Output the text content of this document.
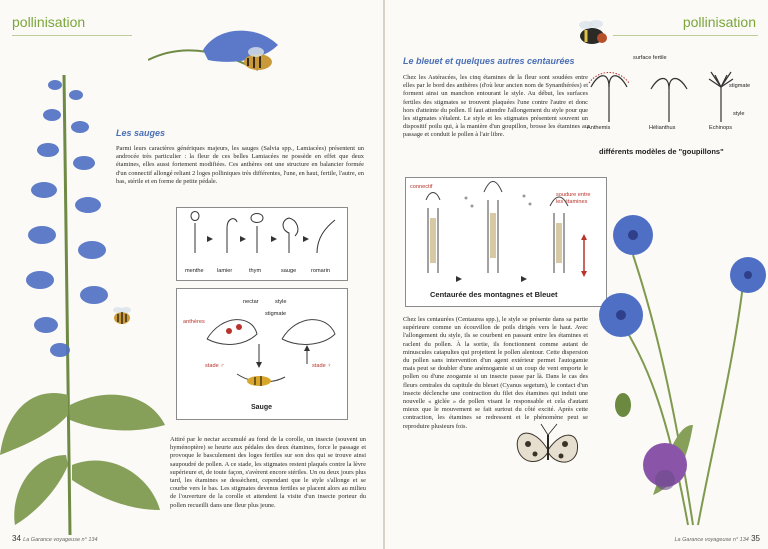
pollinisation
Les sauges

Parmi leurs caractères génériques majeurs, les sauges (Salvia spp., Lamiacées) présentent un androcée très particulier : la fleur de ces belles Lamiacées ne possède en effet que deux étamines, elles aussi fortement modifiées. Ces anthères ont une structure en balancier formée d'un connectif allongé reliant 2 loges polliniques très différentes, l'une, en haut, fertile, l'autre, en bas, stérile et en forme de petite pédale.

menthe lamier	thym	sauge	romarin
nectar	style
stigmate
anthères
stade ♂	stade ♀
Sauge

Attiré par le nectar accumulé au fond de la corolle, un insecte (souvent un hyménoptère) se heurte aux pédales des deux étamines, force le passage et provoque le basculement des loges fertiles sur son dos qui se trouve ainsi saupoudré de pollen. A ce stade, les stigmates restent plaqués contre la lèvre supérieure et, de toute façon, s'avèrent encore stériles. Un ou deux jours plus tard, les étamines se dessèchent, cependant que le style s'allonge et se courbe vers le bas. Les stigmates devenus fertiles se placent alors au milieu de l'ouverture de la corolle et attendent la visite d'un insecte porteur du pollen recueilli dans une fleur plus jeune.

34 La Garance voyageuse n° 134
pollinisation
Le bleuet et quelques autres centaurées

Chez les Astéracées, les cinq étamines de la fleur sont soudées entre elles par le bord des anthères (d'où leur ancien nom de Synanthérées) et forment ainsi un manchon entourant le style. Au début, les surfaces fertiles des stigmates se trouvent plaquées l'une contre l'autre et donc hors d'atteinte du pollen. Il faut attendre l'allongement du style pour que les stigmates s'étalent. Le style et les stigmates présentent souvent un dispositif poilu qui, à la manière d'un goupillon, brosse les étamines au passage et conduit le pollen à l'air libre.

surface fertile
stigmate
style
Anthemis	Hélianthus	Echinops
différents modèles de "goupillons"
connectif
soudure entre les étamines
Centaurée des montagnes et Bleuet

Chez les centaurées (Centaurea spp.), le style se présente dans sa partie supérieure comme un écouvillon de poils dirigés vers le haut. Avec l'allongement du style, ils se courbent en passant entre les étamines et raclent du pollen. À la sortie, ils fonctionnent comme autant de minuscules catapultes qui projettent le pollen alentour. Cette dispersion du pollen sans intervention d'un agent extérieur permet l'autogamie mais peut se doubler d'une anémogamie si un coup de vent emporte le pollen ou d'une zoogamie si un insecte passe par là. Dans le cas des fleurs centrales du capitule du bleuet (Cyanus segetum), le contact d'un insecte déclenche une contraction du filet des étamines qui induit une nouvelle « giclée » de pollen visant le responsable et cela d'autant mieux que le mouvement se fait surtout du côté excité. Après cette contraction, les étamines se redressent et le phénomène peut se reproduire plusieurs fois.

La Garance voyageuse n° 134 35
